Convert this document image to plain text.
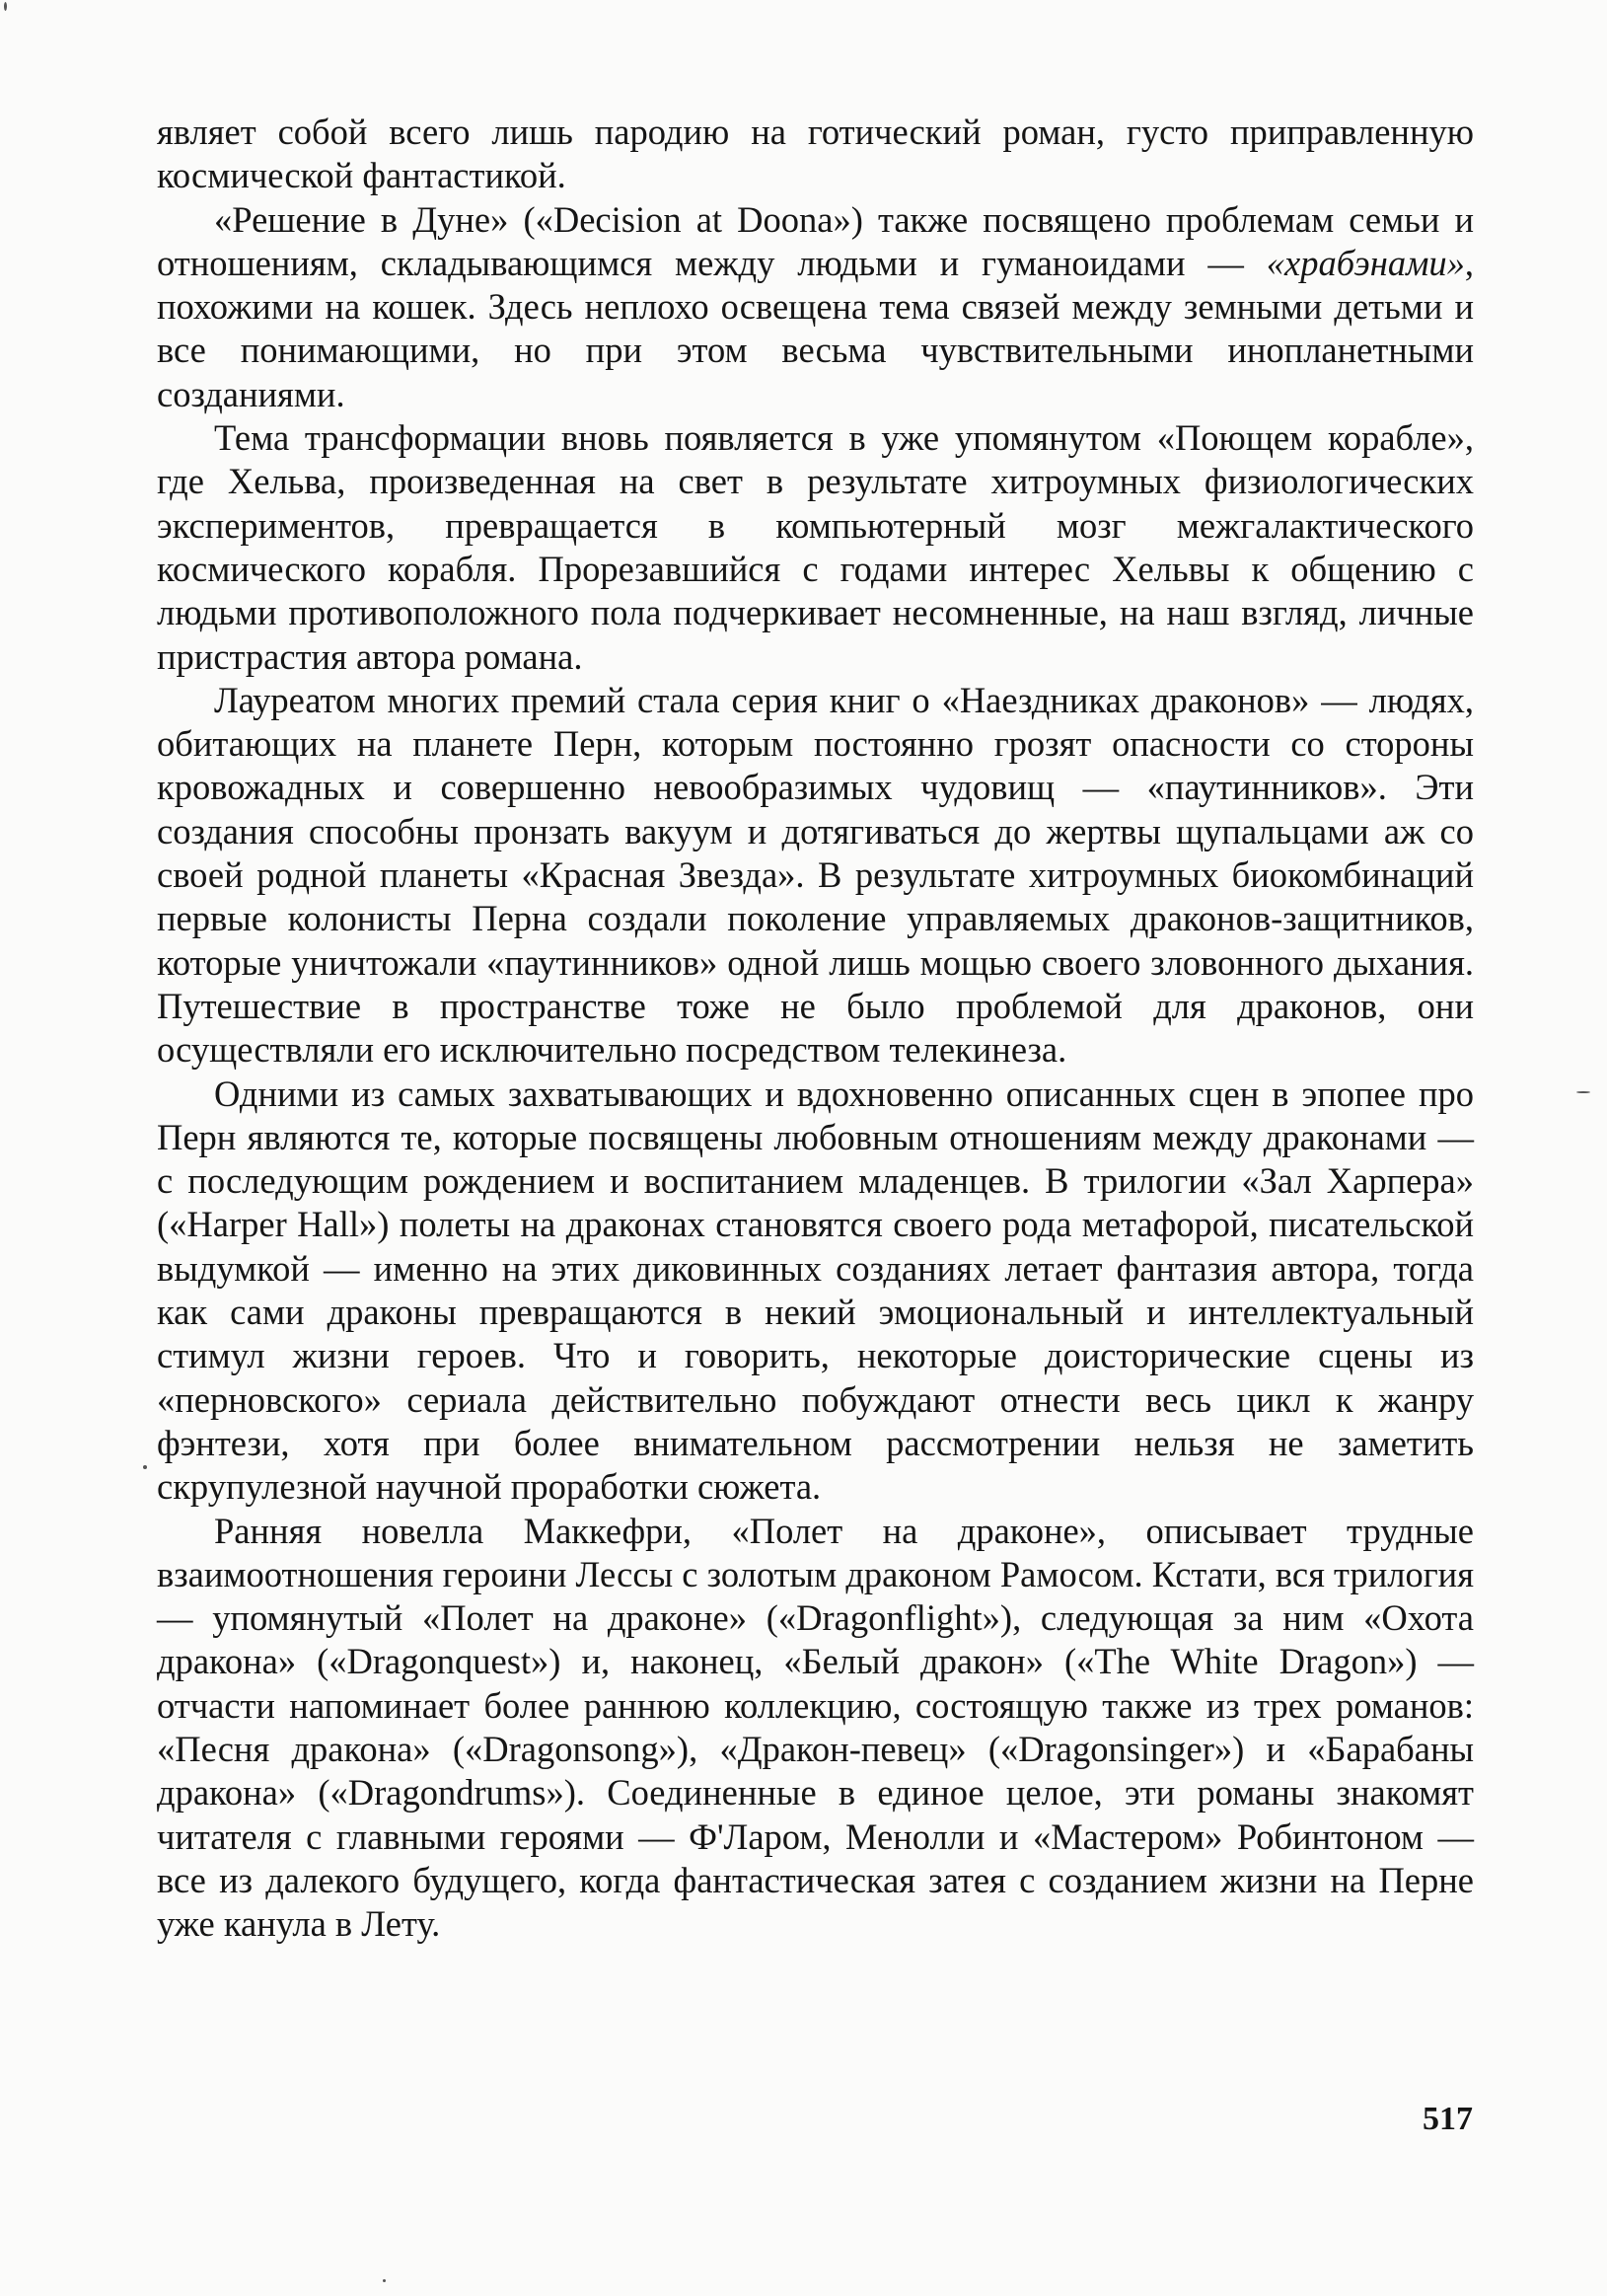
являет собой всего лишь пародию на готический роман, густо приправленную космической фантастикой.

«Решение в Дуне» («Decision at Doona») также посвящено проблемам семьи и отношениям, складывающимся между людьми и гуманоидами — «храбэнами», похожими на кошек. Здесь неплохо освещена тема связей между земными детьми и все понимающими, но при этом весьма чувствительными инопланетными созданиями.

Тема трансформации вновь появляется в уже упомянутом «Поющем корабле», где Хельва, произведенная на свет в результате хитроумных физиологических экспериментов, превращается в компьютерный мозг межгалактического космического корабля. Прорезавшийся с годами интерес Хельвы к общению с людьми противоположного пола подчеркивает несомненные, на наш взгляд, личные пристрастия автора романа.

Лауреатом многих премий стала серия книг о «Наездниках драконов» — людях, обитающих на планете Перн, которым постоянно грозят опасности со стороны кровожадных и совершенно невообразимых чудовищ — «паутинников». Эти создания способны пронзать вакуум и дотягиваться до жертвы щупальцами аж со своей родной планеты «Красная Звезда». В результате хитроумных биокомбинаций первые колонисты Перна создали поколение управляемых драконов-защитников, которые уничтожали «паутинников» одной лишь мощью своего зловонного дыхания. Путешествие в пространстве тоже не было проблемой для драконов, они осуществляли его исключительно посредством телекинеза.

Одними из самых захватывающих и вдохновенно описанных сцен в эпопее про Перн являются те, которые посвящены любовным отношениям между драконами — с последующим рождением и воспитанием младенцев. В трилогии «Зал Харпера» («Harper Hall») полеты на драконах становятся своего рода метафорой, писательской выдумкой — именно на этих диковинных созданиях летает фантазия автора, тогда как сами драконы превращаются в некий эмоциональный и интеллектуальный стимул жизни героев. Что и говорить, некоторые доисторические сцены из «перновского» сериала действительно побуждают отнести весь цикл к жанру фэнтези, хотя при более внимательном рассмотрении нельзя не заметить скрупулезной научной проработки сюжета.

Ранняя новелла Маккефри, «Полет на драконе», описывает трудные взаимоотношения героини Лессы с золотым драконом Рамосом. Кстати, вся трилогия — упомянутый «Полет на драконе» («Dragonflight»), следующая за ним «Охота дракона» («Dragonquest») и, наконец, «Белый дракон» («The White Dragon») — отчасти напоминает более раннюю коллекцию, состоящую также из трех романов: «Песня дракона» («Dragonsong»), «Дракон-певец» («Dragonsinger») и «Барабаны дракона» («Dragondrums»). Соединенные в единое целое, эти романы знакомят читателя с главными героями — Ф'Ларом, Менолли и «Мастером» Робинтоном — все из далекого будущего, когда фантастическая затея с созданием жизни на Перне уже канула в Лету.

517
